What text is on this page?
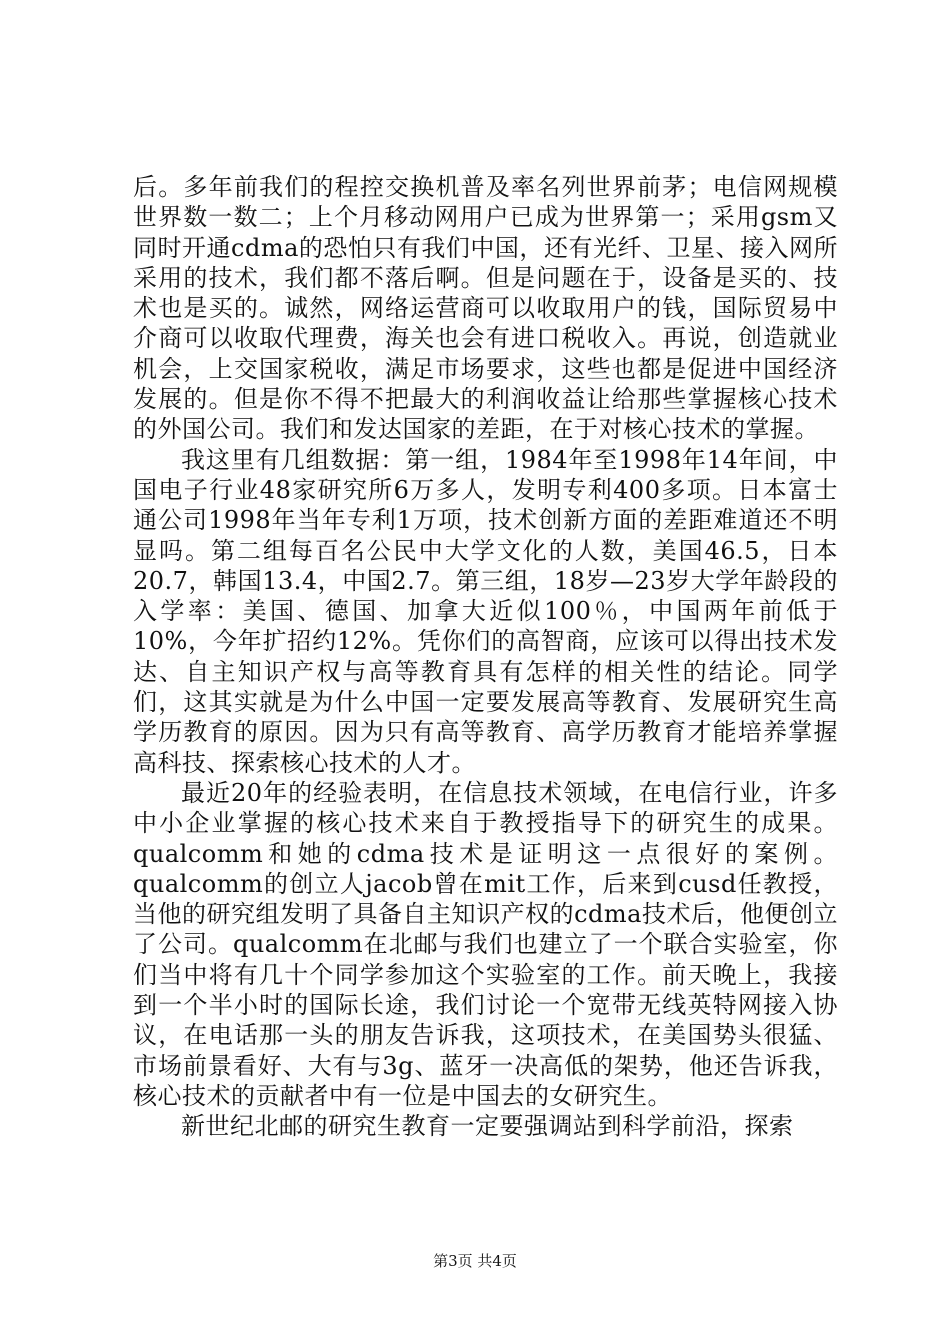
后。多年前我们的程控交换机普及率名列世界前茅；电信网规模世界数一数二；上个月移动网用户已成为世界第一；采用gsm又同时开通cdma的恐怕只有我们中国，还有光纤、卫星、接入网所采用的技术，我们都不落后啊。但是问题在于，设备是买的、技术也是买的。诚然，网络运营商可以收取用户的钱，国际贸易中介商可以收取代理费，海关也会有进口税收入。再说，创造就业机会，上交国家税收，满足市场要求，这些也都是促进中国经济发展的。但是你不得不把最大的利润收益让给那些掌握核心技术的外国公司。我们和发达国家的差距，在于对核心技术的掌握。

我这里有几组数据：第一组，1984年至1998年14年间，中国电子行业48家研究所6万多人，发明专利400多项。日本富士通公司1998年当年专利1万项，技术创新方面的差距难道还不明显吗。第二组每百名公民中大学文化的人数，美国46.5，日本20.7，韩国13.4，中国2.7。第三组，18岁—23岁大学年龄段的入学率：美国、德国、加拿大近似100％，中国两年前低于10%，今年扩招约12%。凭你们的高智商，应该可以得出技术发达、自主知识产权与高等教育具有怎样的相关性的结论。同学们，这其实就是为什么中国一定要发展高等教育、发展研究生高学历教育的原因。因为只有高等教育、高学历教育才能培养掌握高科技、探索核心技术的人才。

最近20年的经验表明，在信息技术领域，在电信行业，许多中小企业掌握的核心技术来自于教授指导下的研究生的成果。qualcomm和她的cdma技术是证明这一点很好的案例。qualcomm的创立人jacob曾在mit工作，后来到cusd任教授，当他的研究组发明了具备自主知识产权的cdma技术后，他便创立了公司。qualcomm在北邮与我们也建立了一个联合实验室，你们当中将有几十个同学参加这个实验室的工作。前天晚上，我接到一个半小时的国际长途，我们讨论一个宽带无线英特网接入协议，在电话那一头的朋友告诉我，这项技术，在美国势头很猛、市场前景看好、大有与3g、蓝牙一决高低的架势，他还告诉我，核心技术的贡献者中有一位是中国去的女研究生。

新世纪北邮的研究生教育一定要强调站到科学前沿，探索

第3页 共4页
